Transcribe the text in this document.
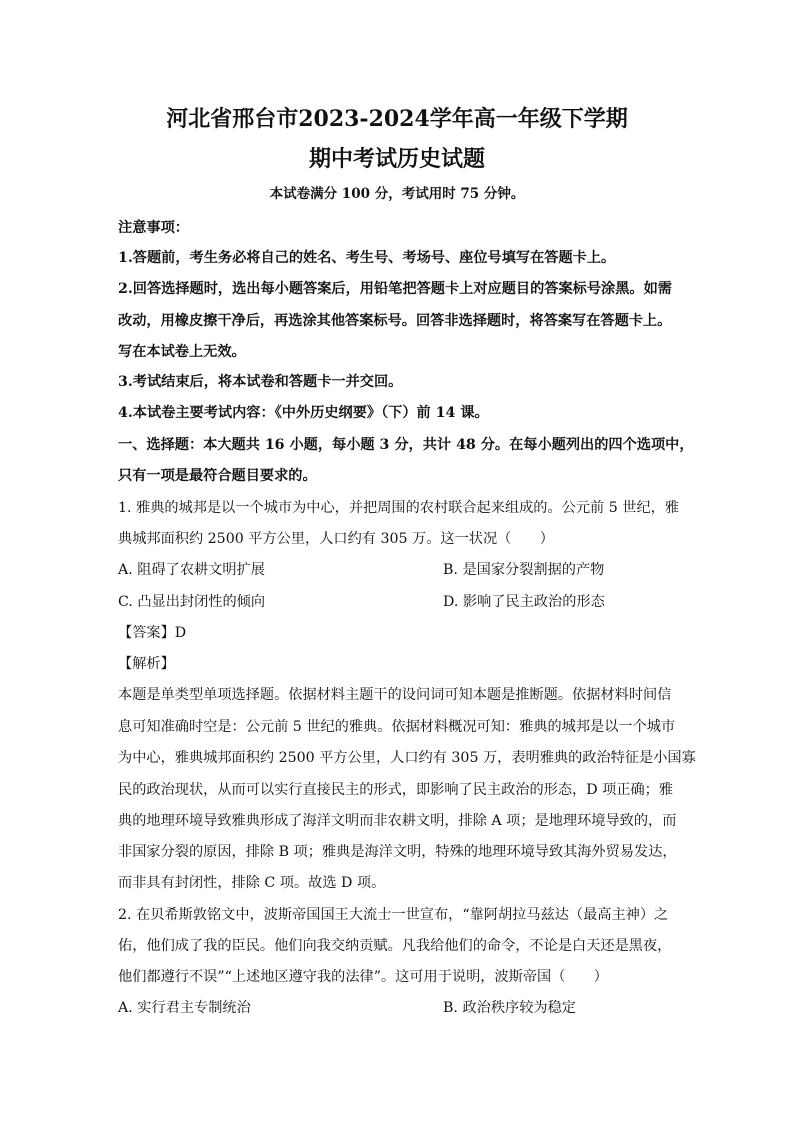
河北省邢台市2023-2024学年高一年级下学期
期中考试历史试题
本试卷满分 100 分，考试用时 75 分钟。
注意事项：
1.答题前，考生务必将自己的姓名、考生号、考场号、座位号填写在答题卡上。
2.回答选择题时，选出每小题答案后，用铅笔把答题卡上对应题目的答案标号涂黑。如需
改动，用橡皮擦干净后，再选涂其他答案标号。回答非选择题时，将答案写在答题卡上。
写在本试卷上无效。
3.考试结束后，将本试卷和答题卡一并交回。
4.本试卷主要考试内容：《中外历史纲要》（下）前 14 课。
一、选择题：本大题共 16 小题，每小题 3 分，共计 48 分。在每小题列出的四个选项中，
只有一项是最符合题目要求的。
1. 雅典的城邦是以一个城市为中心，并把周围的农村联合起来组成的。公元前 5 世纪，雅
典城邦面积约 2500 平方公里，人口约有 305 万。这一状况（　　）
A. 阻碍了农耕文明扩展	B. 是国家分裂割据的产物
C. 凸显出封闭性的倾向	D. 影响了民主政治的形态
【答案】D
【解析】
本题是单类型单项选择题。依据材料主题干的设问词可知本题是推断题。依据材料时间信
息可知准确时空是：公元前 5 世纪的雅典。依据材料概况可知：雅典的城邦是以一个城市
为中心，雅典城邦面积约 2500 平方公里，人口约有 305 万，表明雅典的政治特征是小国寡
民的政治现状，从而可以实行直接民主的形式，即影响了民主政治的形态，D 项正确；雅
典的地理环境导致雅典形成了海洋文明而非农耕文明，排除 A 项；是地理环境导致的，而
非国家分裂的原因，排除 B 项；雅典是海洋文明，特殊的地理环境导致其海外贸易发达，
而非具有封闭性，排除 C 项。故选 D 项。
2. 在贝希斯敦铭文中，波斯帝国国王大流士一世宣布，“靠阿胡拉马兹达（最高主神）之
佑，他们成了我的臣民。他们向我交纳贡赋。凡我给他们的命令，不论是白天还是黑夜，
他们都遵行不误”“上述地区遵守我的法律”。这可用于说明，波斯帝国（　　）
A. 实行君主专制统治	B. 政治秩序较为稳定
